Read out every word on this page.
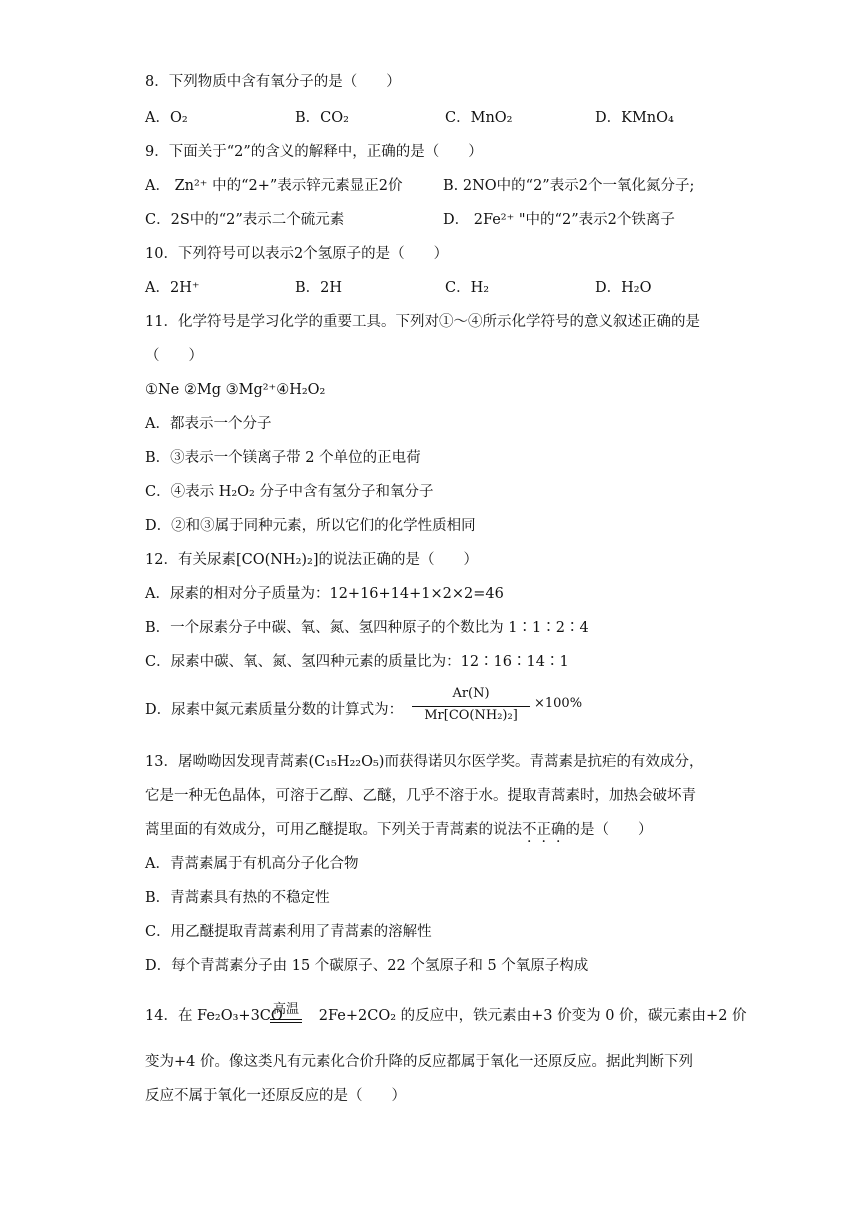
8．下列物质中含有氧分子的是（　　）
A．O₂	B．CO₂	C．MnO₂	D．KMnO₄
9．下面关于“2”的含义的解释中，正确的是（　　）
A． Zn²⁺ 中的“2+”表示锌元素显正2价	B. 2NO中的“2”表示2个一氧化氮分子;
C．2S中的“2”表示二个硫元素	D． 2Fe²⁺ "中的“2”表示2个铁离子
10．下列符号可以表示2个氢原子的是（　　）
A．2H⁺	B．2H	C．H₂	D．H₂O
11．化学符号是学习化学的重要工具。下列对①～④所示化学符号的意义叙述正确的是
（　　）
①Ne ②Mg ③Mg²⁺④H₂O₂
A．都表示一个分子
B．③表示一个镁离子带 2 个单位的正电荷
C．④表示 H₂O₂ 分子中含有氢分子和氧分子
D．②和③属于同种元素，所以它们的化学性质相同
12．有关尿素[CO(NH₂)₂]的说法正确的是（　　）
A．尿素的相对分子质量为：12+16+14+1×2×2=46
B．一个尿素分子中碳、氧、氮、氢四种原子的个数比为 1∶1∶2∶4
C．尿素中碳、氧、氮、氢四种元素的质量比为：12∶16∶14∶1
D．尿素中氮元素质量分数的计算式为：
Ar(N)
Mr[CO(NH₂)₂]
×100%
13．屠呦呦因发现青蒿素(C₁₅H₂₂O₅)而获得诺贝尔医学奖。青蒿素是抗疟的有效成分，
它是一种无色晶体，可溶于乙醇、乙醚，几乎不溶于水。提取青蒿素时，加热会破坏青
蒿里面的有效成分，可用乙醚提取。下列关于青蒿素的说法不正确的是（　　）
A．青蒿素属于有机高分子化合物
B．青蒿素具有热的不稳定性
C．用乙醚提取青蒿素利用了青蒿素的溶解性
D．每个青蒿素分子由 15 个碳原子、22 个氢原子和 5 个氧原子构成
14．在 Fe₂O₃+3CO 2Fe+2CO₂ 的反应中，铁元素由+3 价变为 0 价，碳元素由+2 价
高温
变为+4 价。像这类凡有元素化合价升降的反应都属于氧化一还原反应。据此判断下列
反应不属于氧化一还原反应的是（　　）
